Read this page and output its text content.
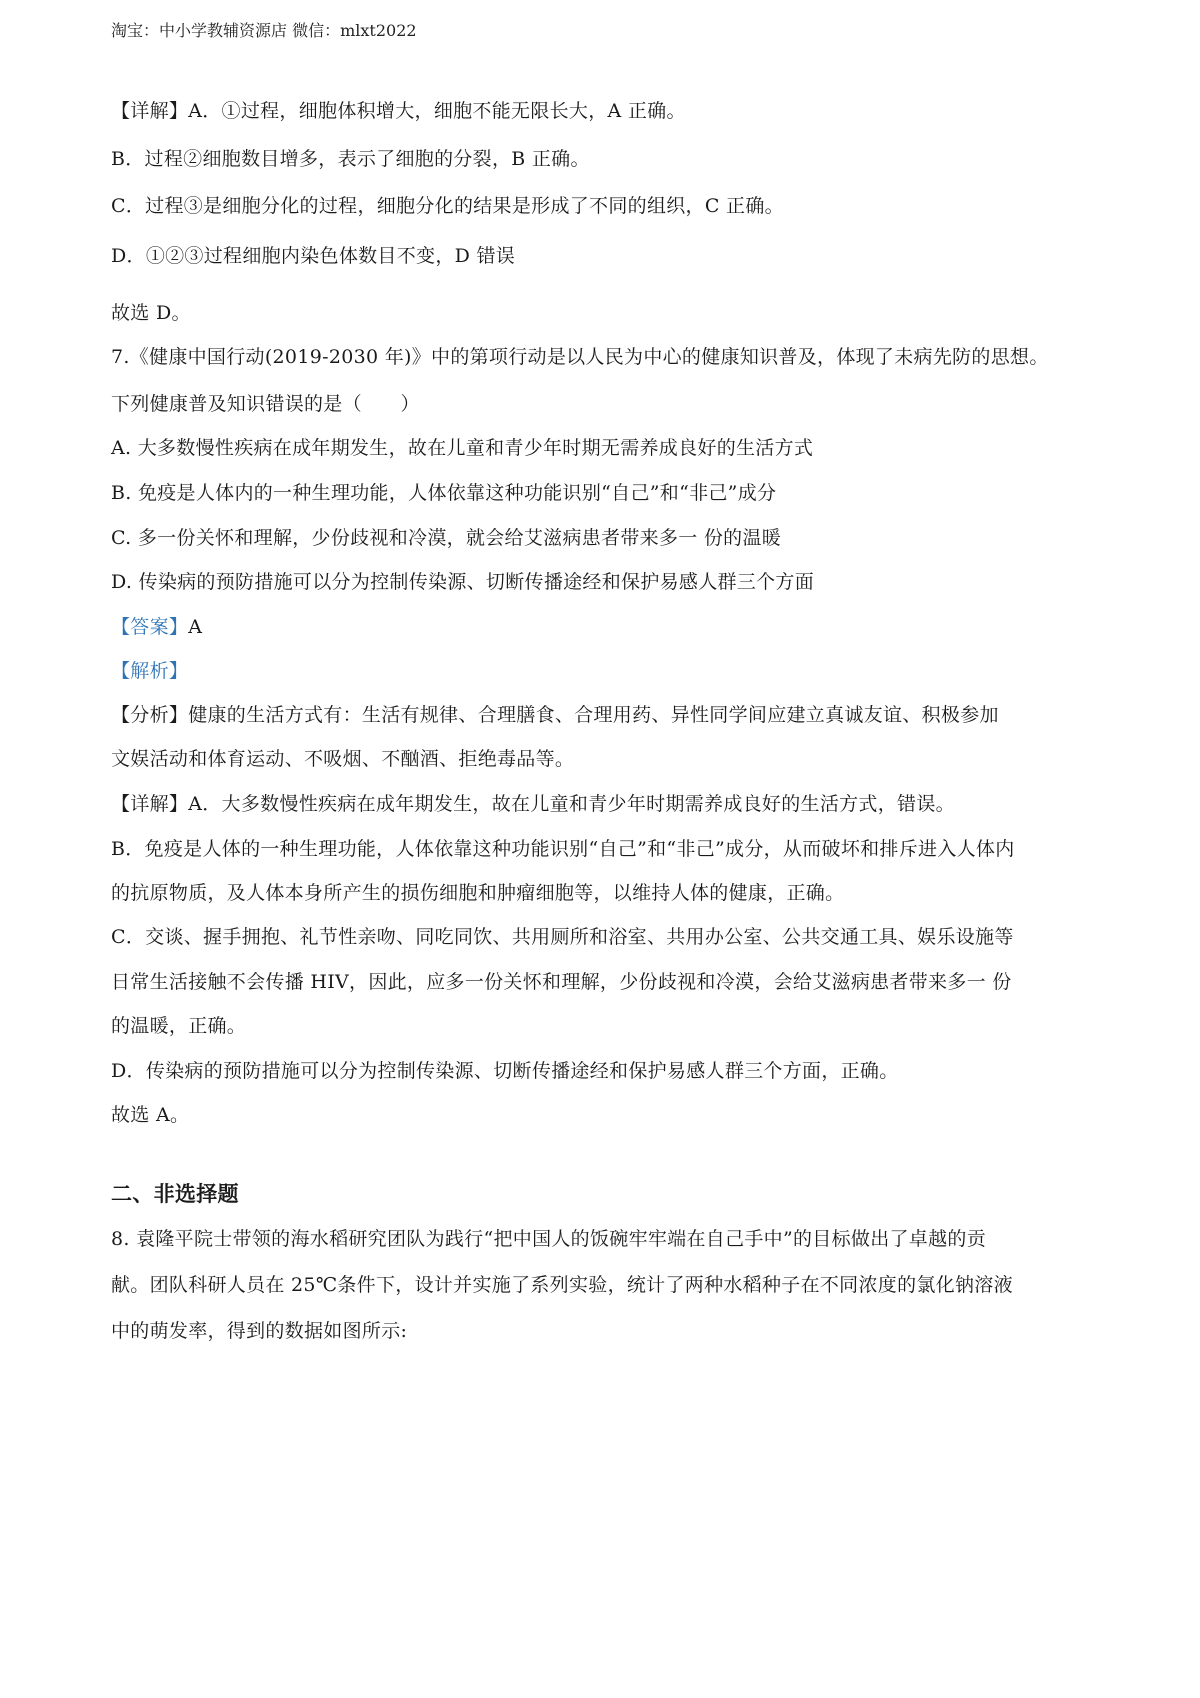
淘宝：中小学教辅资源店 微信：mlxt2022

【详解】A．①过程，细胞体积增大，细胞不能无限长大，A 正确。

B．过程②细胞数目增多，表示了细胞的分裂，B 正确。

C．过程③是细胞分化的过程，细胞分化的结果是形成了不同的组织，C 正确。

D．①②③过程细胞内染色体数目不变，D 错误

故选 D。

7.《健康中国行动(2019-2030 年)》中的第项行动是以人民为中心的健康知识普及，体现了未病先防的思想。

下列健康普及知识错误的是（　　）

A. 大多数慢性疾病在成年期发生，故在儿童和青少年时期无需养成良好的生活方式

B. 免疫是人体内的一种生理功能，人体依靠这种功能识别“自己”和“非己”成分

C. 多一份关怀和理解，少份歧视和冷漠，就会给艾滋病患者带来多一 份的温暖

D. 传染病的预防措施可以分为控制传染源、切断传播途经和保护易感人群三个方面

【答案】A

【解析】

【分析】健康的生活方式有：生活有规律、合理膳食、合理用药、异性同学间应建立真诚友谊、积极参加

文娱活动和体育运动、不吸烟、不酗酒、拒绝毒品等。

【详解】A．大多数慢性疾病在成年期发生，故在儿童和青少年时期需养成良好的生活方式，错误。

B．免疫是人体的一种生理功能，人体依靠这种功能识别“自己”和“非己”成分，从而破坏和排斥进入人体内

的抗原物质，及人体本身所产生的损伤细胞和肿瘤细胞等，以维持人体的健康，正确。

C．交谈、握手拥抱、礼节性亲吻、同吃同饮、共用厕所和浴室、共用办公室、公共交通工具、娱乐设施等

日常生活接触不会传播 HIV，因此，应多一份关怀和理解，少份歧视和冷漠，会给艾滋病患者带来多一 份

的温暖，正确。

D．传染病的预防措施可以分为控制传染源、切断传播途经和保护易感人群三个方面，正确。

故选 A。

二、非选择题

8. 袁隆平院士带领的海水稻研究团队为践行“把中国人的饭碗牢牢端在自己手中”的目标做出了卓越的贡

献。团队科研人员在 25℃条件下，设计并实施了系列实验，统计了两种水稻种子在不同浓度的氯化钠溶液

中的萌发率，得到的数据如图所示:
